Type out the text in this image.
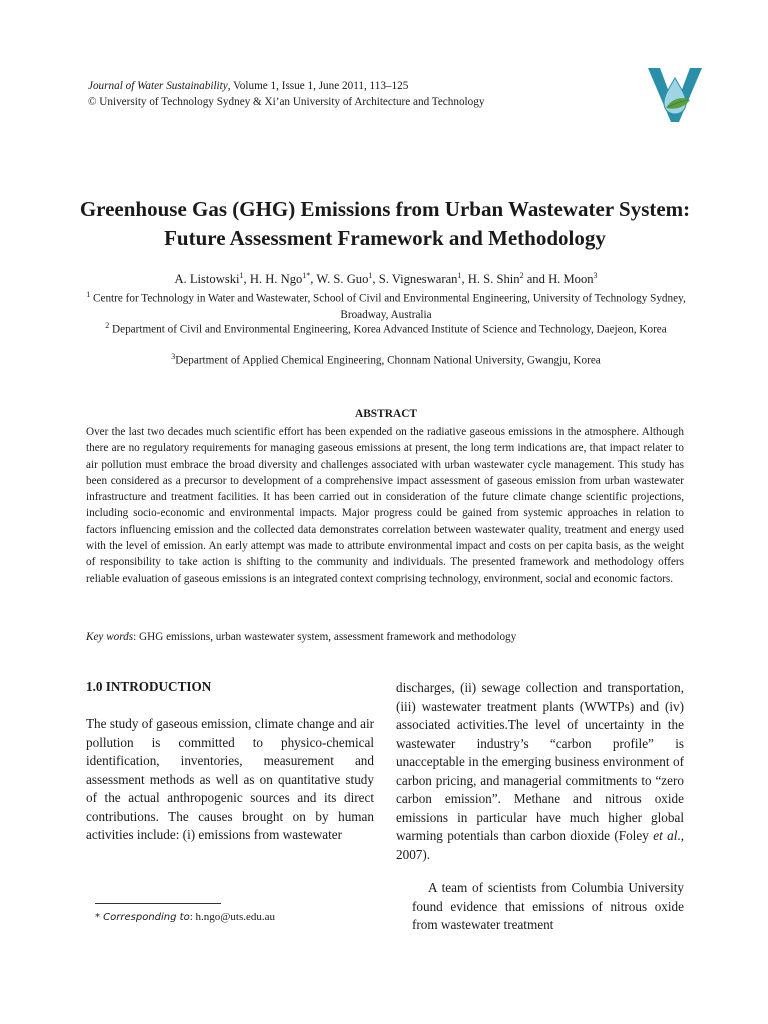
Journal of Water Sustainability, Volume 1, Issue 1, June 2011, 113–125
© University of Technology Sydney & Xi’an University of Architecture and Technology
Greenhouse Gas (GHG) Emissions from Urban Wastewater System: Future Assessment Framework and Methodology
A. Listowski$^1$, H. H. Ngo$^{1*}$, W. S. Guo$^1$, S. Vigneswaran$^1$, H. S. Shin$^2$ and H. Moon$^3$
$^1$ Centre for Technology in Water and Wastewater, School of Civil and Environmental Engineering, University of Technology Sydney, Broadway, Australia
$^2$ Department of Civil and Environmental Engineering, Korea Advanced Institute of Science and Technology, Daejeon, Korea
$^3$Department of Applied Chemical Engineering, Chonnam National University, Gwangju, Korea
ABSTRACT
Over the last two decades much scientific effort has been expended on the radiative gaseous emissions in the atmosphere. Although there are no regulatory requirements for managing gaseous emissions at present, the long term indications are, that impact relater to air pollution must embrace the broad diversity and challenges associated with urban wastewater cycle management. This study has been considered as a precursor to development of a comprehensive impact assessment of gaseous emission from urban wastewater infrastructure and treatment facilities. It has been carried out in consideration of the future climate change scientific projections, including socio-economic and environmental impacts. Major progress could be gained from systemic approaches in relation to factors influencing emission and the collected data demonstrates correlation between wastewater quality, treatment and energy used with the level of emission. An early attempt was made to attribute environmental impact and costs on per capita basis, as the weight of responsibility to take action is shifting to the community and individuals. The presented framework and methodology offers reliable evaluation of gaseous emissions is an integrated context comprising technology, environment, social and economic factors.
Key words: GHG emissions, urban wastewater system, assessment framework and methodology
1.0 INTRODUCTION
The study of gaseous emission, climate change and air pollution is committed to physico-chemical identification, inventories, measurement and assessment methods as well as on quantitative study of the actual anthropogenic sources and its direct contributions. The causes brought on by human activities include: (i) emissions from wastewater
discharges, (ii) sewage collection and transportation, (iii) wastewater treatment plants (WWTPs) and (iv) associated activities.The level of uncertainty in the wastewater industry’s “carbon profile” is unacceptable in the emerging business environment of carbon pricing, and managerial commitments to “zero carbon emission”. Methane and nitrous oxide emissions in particular have much higher global warming potentials than carbon dioxide (Foley et al., 2007).
A team of scientists from Columbia University found evidence that emissions of nitrous oxide from wastewater treatment
* Corresponding to: h.ngo@uts.edu.au
